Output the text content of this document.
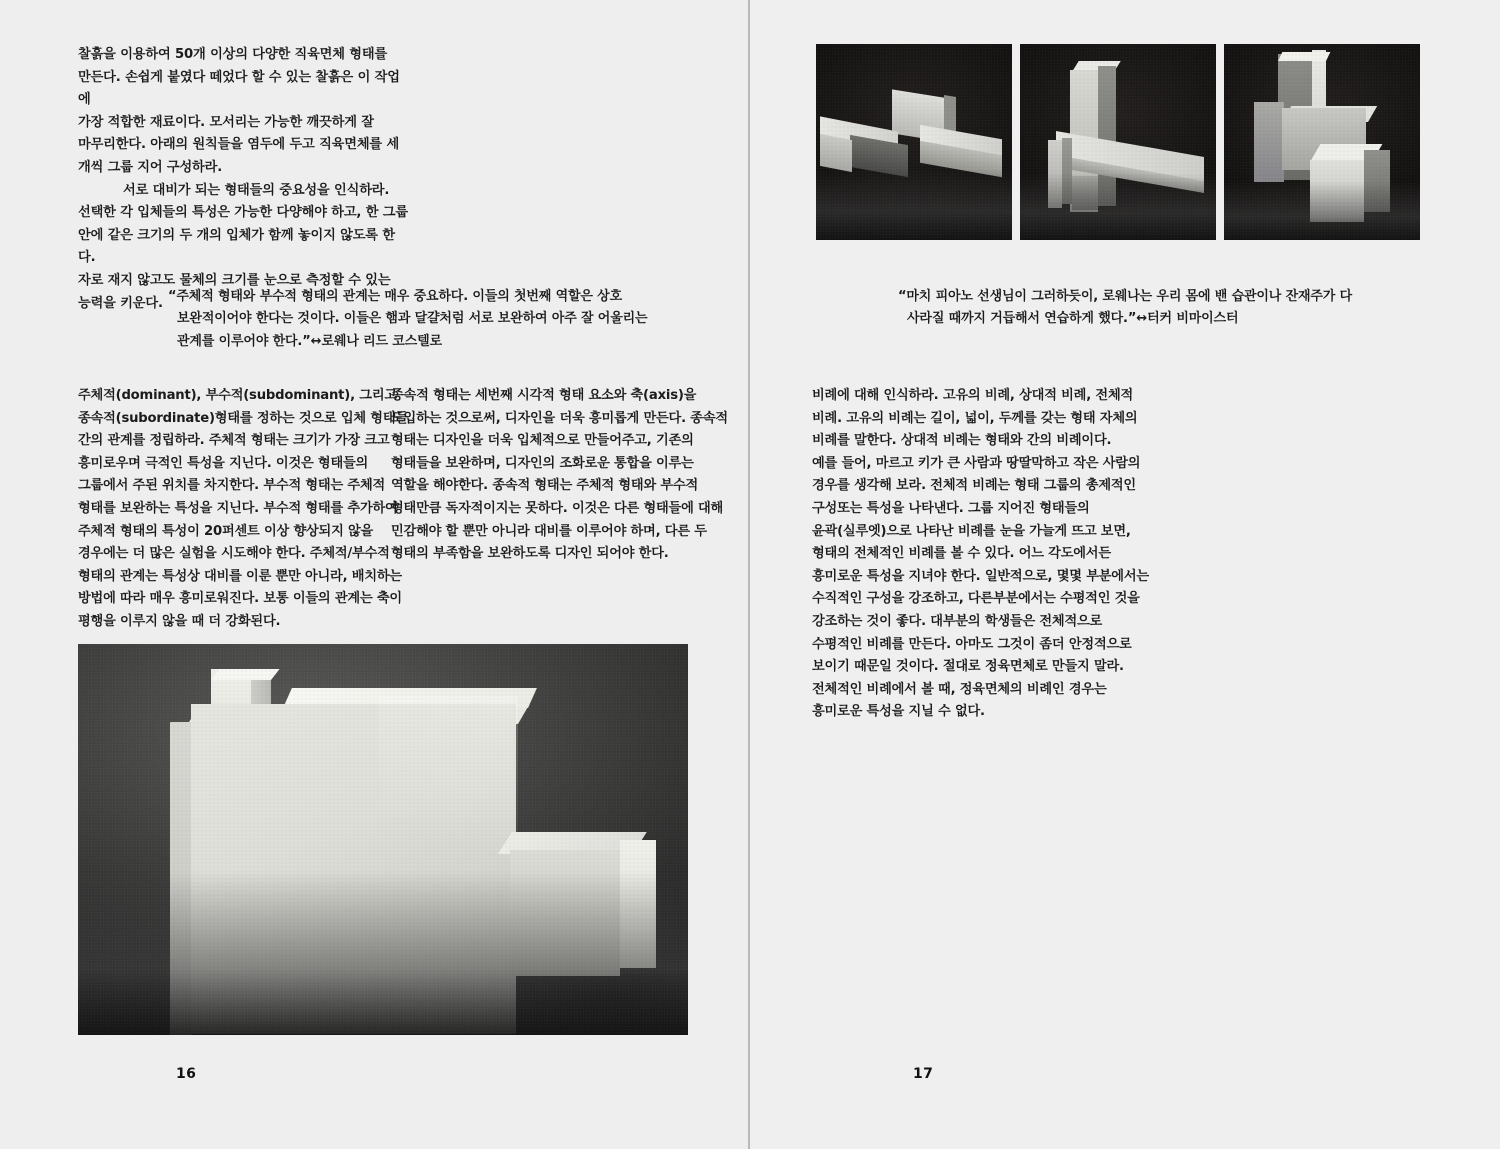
찰흙을 이용하여 50개 이상의 다양한 직육면체 형태를

만든다. 손쉽게 붙였다 떼었다 할 수 있는 찰흙은 이 작업에

가장 적합한 재료이다. 모서리는 가능한 깨끗하게 잘

마무리한다. 아래의 원칙들을 염두에 두고 직육면체를 세

개씩 그룹 지어 구성하라.

서로 대비가 되는 형태들의 중요성을 인식하라.

선택한 각 입체들의 특성은 가능한 다양해야 하고, 한 그룹

안에 같은 크기의 두 개의 입체가 함께 놓이지 않도록 한다.

자로 재지 않고도 물체의 크기를 눈으로 측정할 수 있는

능력을 키운다. “주체적 형태와 부수적 형태의 관계는 매우 중요하다. 이들의 첫번째 역할은 상호

보완적이어야 한다는 것이다. 이들은 햄과 달걀처럼 서로 보완하여 아주 잘 어울리는

관계를 이루어야 한다.”↔로웨나 리드 코스텔로

주체적(dominant), 부수적(subdominant), 그리고

종속적(subordinate)형태를 정하는 것으로 입체 형태들

간의 관계를 정립하라. 주체적 형태는 크기가 가장 크고

흥미로우며 극적인 특성을 지닌다. 이것은 형태들의

그룹에서 주된 위치를 차지한다. 부수적 형태는 주체적

형태를 보완하는 특성을 지닌다. 부수적 형태를 추가하여

주체적 형태의 특성이 20퍼센트 이상 향상되지 않을

경우에는 더 많은 실험을 시도해야 한다. 주체적/부수적

형태의 관계는 특성상 대비를 이룬 뿐만 아니라, 배치하는

방법에 따라 매우 흥미로워진다. 보통 이들의 관계는 축이

평행을 이루지 않을 때 더 강화된다.

종속적 형태는 세번째 시각적 형태 요소와 축(axis)을

도입하는 것으로써, 디자인을 더욱 흥미롭게 만든다. 종속적

형태는 디자인을 더욱 입체적으로 만들어주고, 기존의

형태들을 보완하며, 디자인의 조화로운 통합을 이루는

역할을 해야한다. 종속적 형태는 주체적 형태와 부수적

형태만큼 독자적이지는 못하다. 이것은 다른 형태들에 대해

민감해야 할 뿐만 아니라 대비를 이루어야 하며, 다른 두

형태의 부족함을 보완하도록 디자인 되어야 한다.

16

“마치 피아노 선생님이 그러하듯이, 로웨나는 우리 몸에 밴 습관이나 잔재주가 다

사라질 때까지 거듭해서 연습하게 했다.”↔터커 비마이스터

비례에 대해 인식하라. 고유의 비례, 상대적 비례, 전체적

비례. 고유의 비례는 길이, 넓이, 두께를 갖는 형태 자체의

비례를 말한다. 상대적 비례는 형태와 간의 비례이다.

예를 들어, 마르고 키가 큰 사람과 땅딸막하고 작은 사람의

경우를 생각해 보라. 전체적 비례는 형태 그룹의 총제적인

구성또는 특성을 나타낸다. 그룹 지어진 형태들의

윤곽(실루엣)으로 나타난 비례를 눈을 가늘게 뜨고 보면,

형태의 전체적인 비례를 볼 수 있다. 어느 각도에서든

흥미로운 특성을 지녀야 한다. 일반적으로, 몇몇 부분에서는

수직적인 구성을 강조하고, 다른부분에서는 수평적인 것을

강조하는 것이 좋다. 대부분의 학생들은 전체적으로

수평적인 비례를 만든다. 아마도 그것이 좀더 안정적으로

보이기 때문일 것이다. 절대로 정육면체로 만들지 말라.

전체적인 비례에서 볼 때, 정육면체의 비례인 경우는

흥미로운 특성을 지닐 수 없다.

17
